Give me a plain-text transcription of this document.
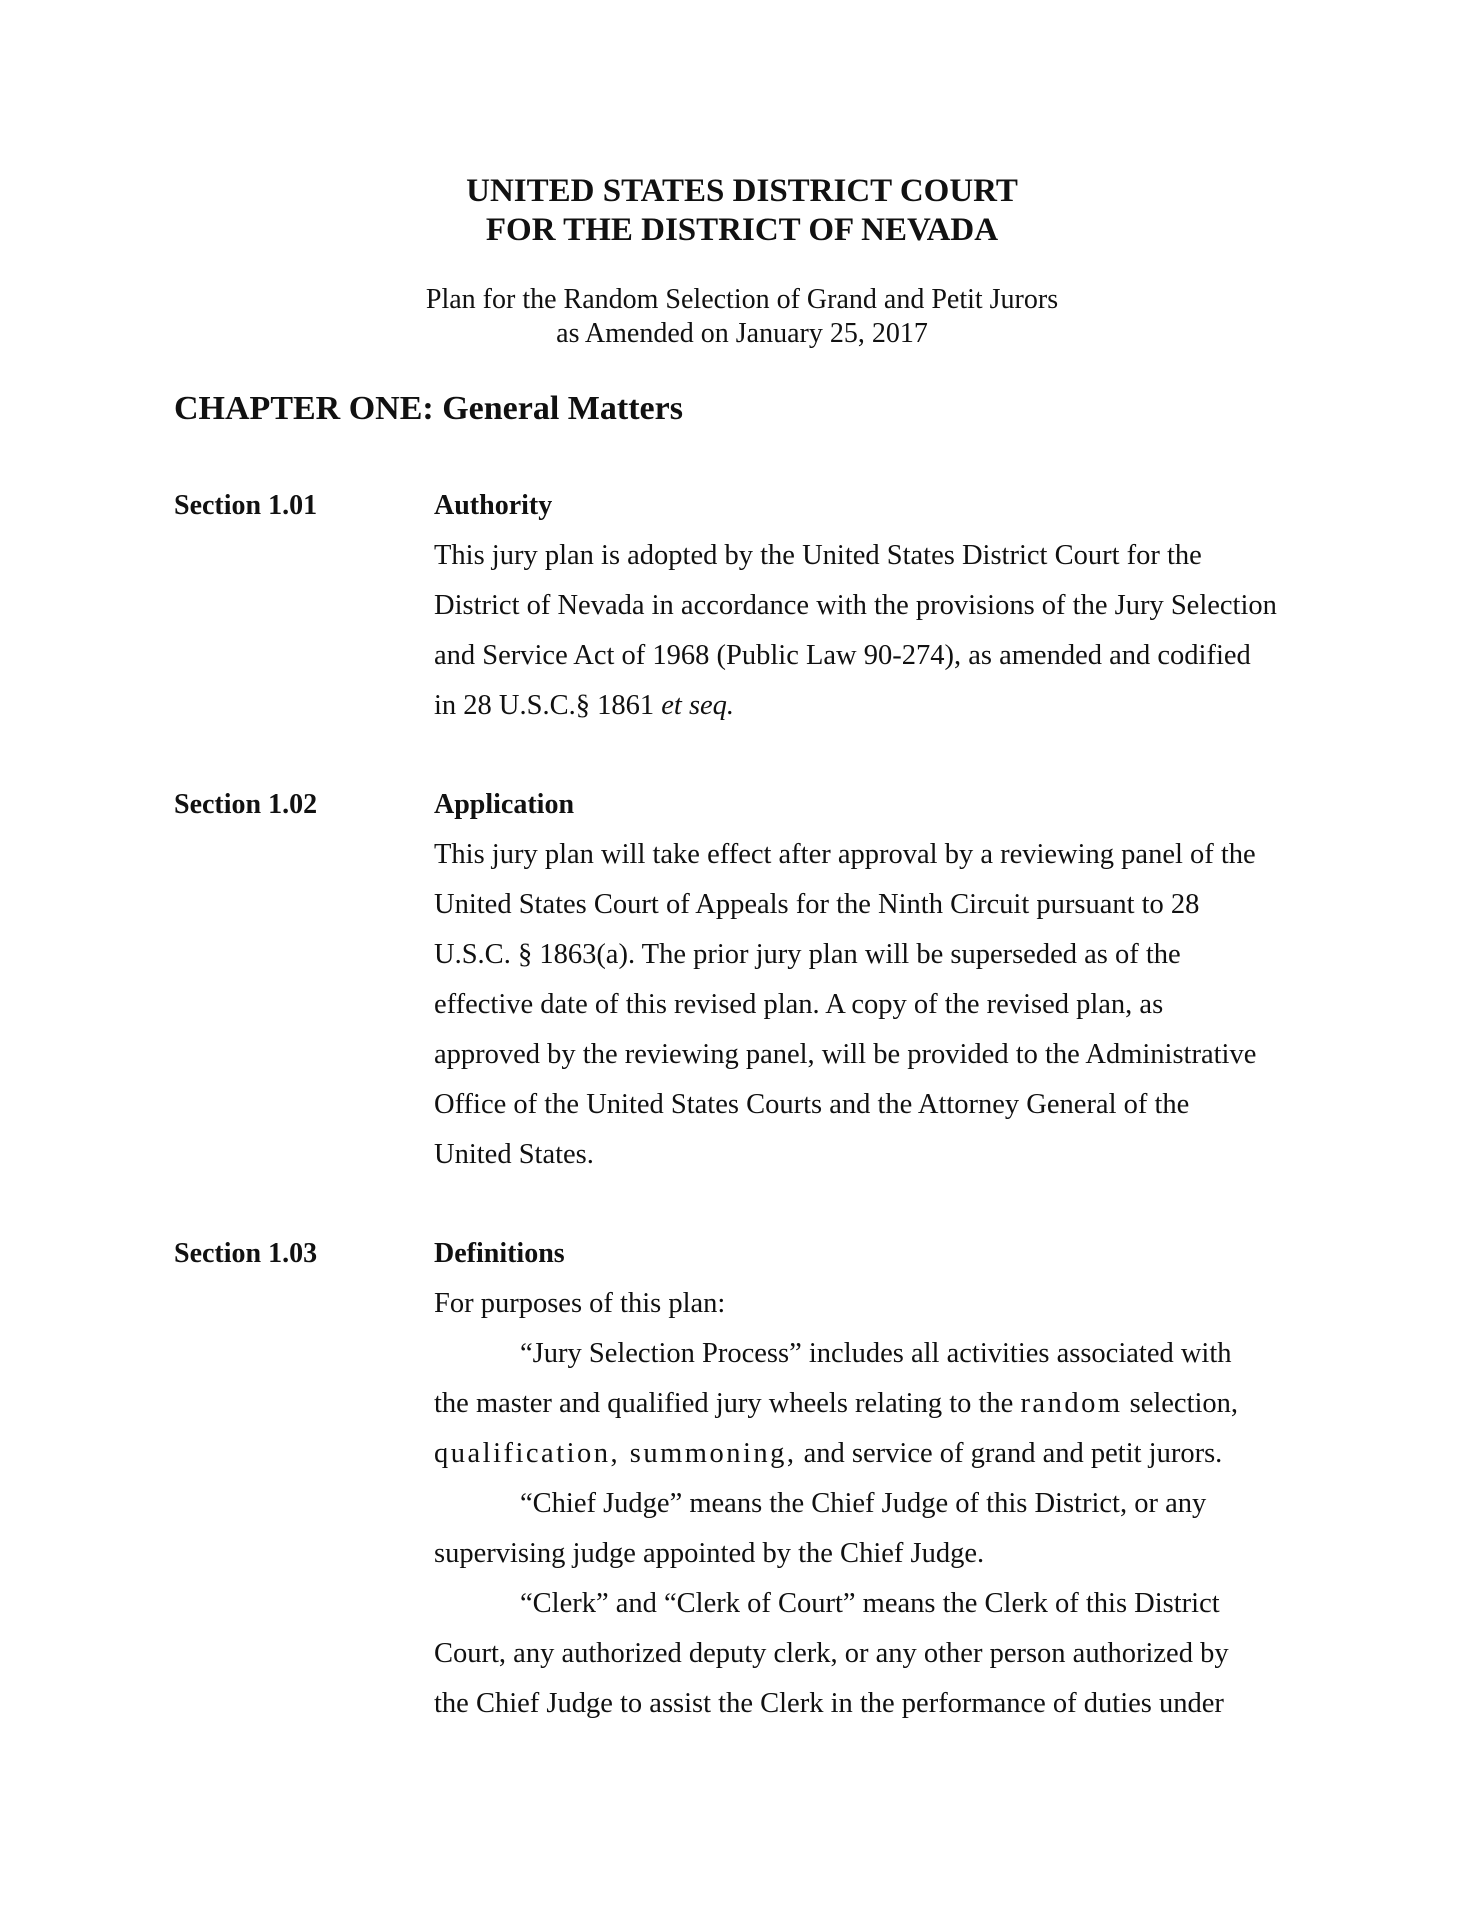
UNITED STATES DISTRICT COURT
FOR THE DISTRICT OF NEVADA
Plan for the Random Selection of Grand and Petit Jurors
as Amended on January 25, 2017
CHAPTER ONE: General Matters
Section 1.01	Authority
This jury plan is adopted by the United States District Court for the
District of Nevada in accordance with the provisions of the Jury Selection
and Service Act of 1968 (Public Law 90-274), as amended and codified
in 28 U.S.C.§ 1861 et seq.
Section 1.02	Application
This jury plan will take effect after approval by a reviewing panel of the
United States Court of Appeals for the Ninth Circuit pursuant to 28
U.S.C. § 1863(a). The prior jury plan will be superseded as of the
effective date of this revised plan. A copy of the revised plan, as
approved by the reviewing panel, will be provided to the Administrative
Office of the United States Courts and the Attorney General of the
United States.
Section 1.03	Definitions
For purposes of this plan:
“Jury Selection Process” includes all activities associated with
the master and qualified jury wheels relating to the random selection,
qualification, summoning, and service of grand and petit jurors.
“Chief Judge” means the Chief Judge of this District, or any
supervising judge appointed by the Chief Judge.
“Clerk” and “Clerk of Court” means the Clerk of this District
Court, any authorized deputy clerk, or any other person authorized by
the Chief Judge to assist the Clerk in the performance of duties under
